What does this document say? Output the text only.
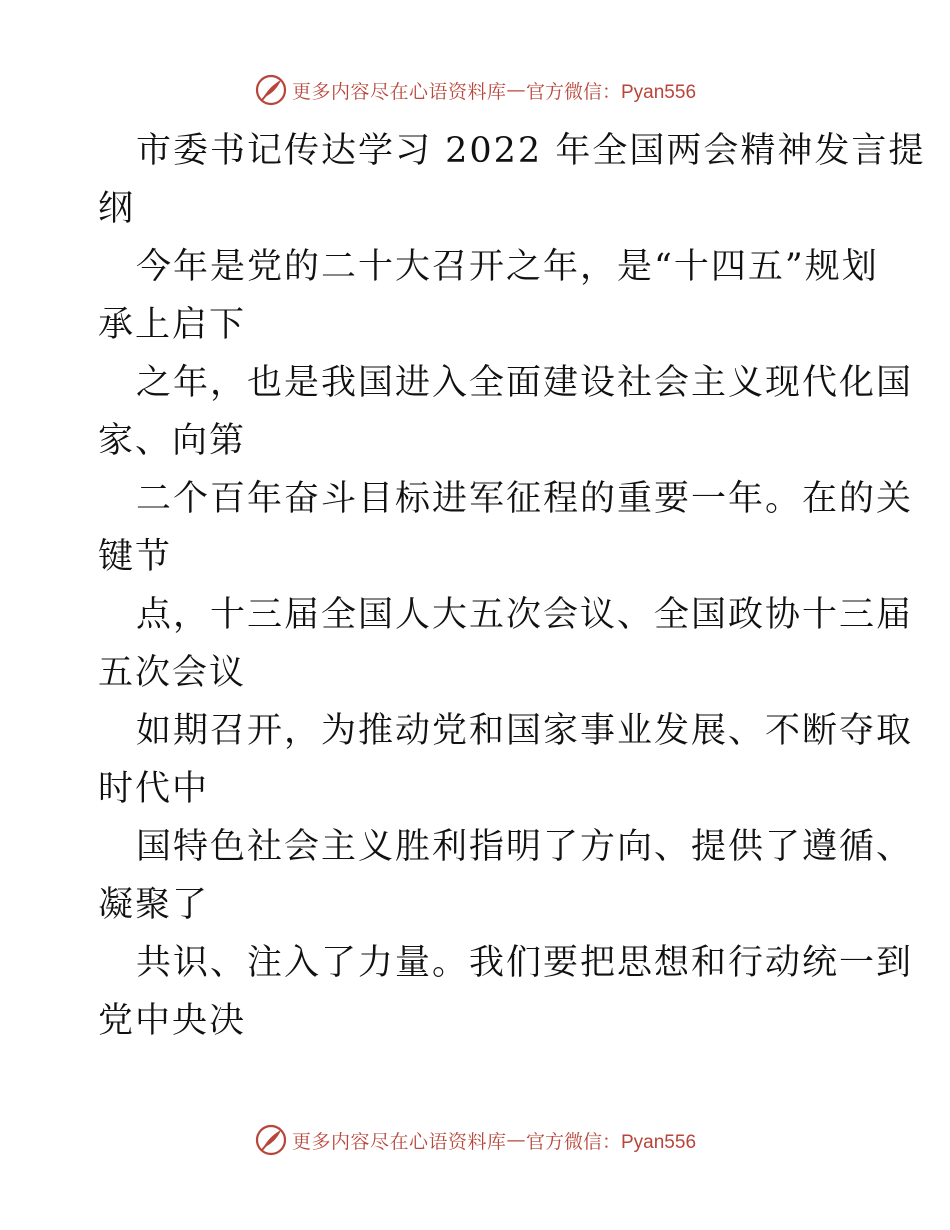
更多内容尽在心语资料库 — 官方微信：Pyan556
市委书记传达学习 2022 年全国两会精神发言提
纲
今年是党的二十大召开之年，是“十四五”规划
承上启下
之年，也是我国进入全面建设社会主义现代化国
家、向第
二个百年奋斗目标进军征程的重要一年。在的关
键节
点，十三届全国人大五次会议、全国政协十三届
五次会议
如期召开，为推动党和国家事业发展、不断夺取
时代中
国特色社会主义胜利指明了方向、提供了遵循、
凝聚了
共识、注入了力量。我们要把思想和行动统一到
党中央决
更多内容尽在心语资料库 — 官方微信：Pyan556
